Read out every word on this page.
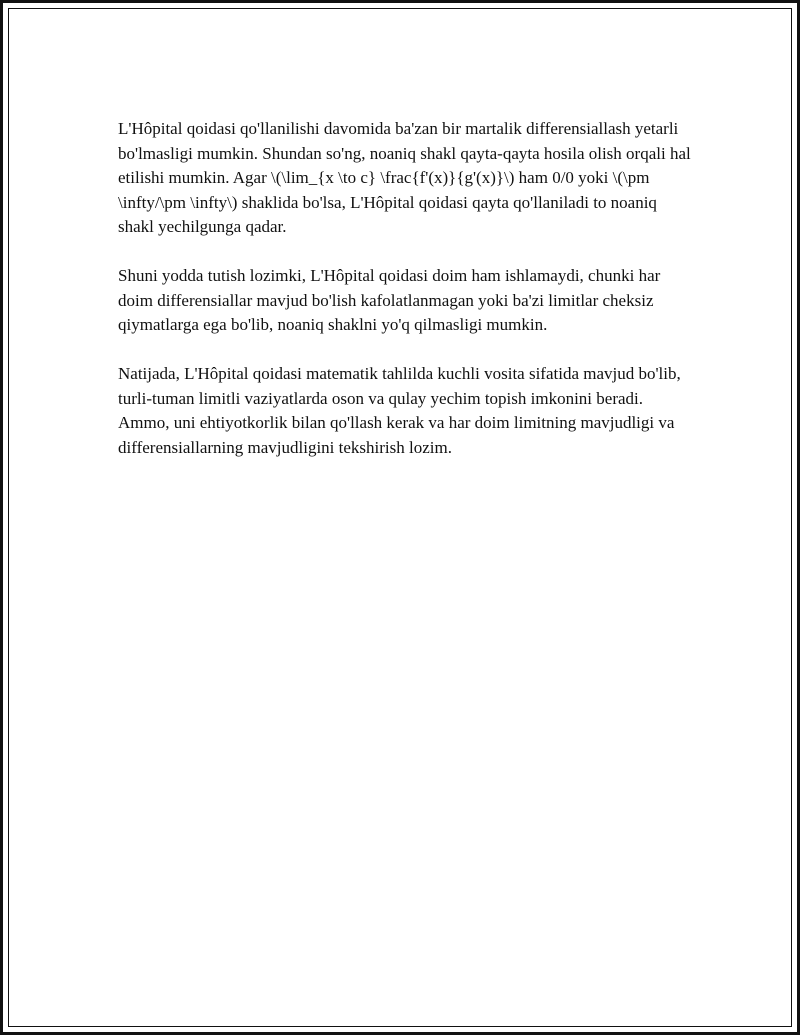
L'Hôpital qoidasi qo'llanilishi davomida ba'zan bir martalik differensiallash yetarli bo'lmasligi mumkin. Shundan so'ng, noaniq shakl qayta-qayta hosila olish orqali hal etilishi mumkin. Agar \(\lim_{x \to c} \frac{f'(x)}{g'(x)}\) ham 0/0 yoki \(\pm \infty/\pm \infty\) shaklida bo'lsa, L'Hôpital qoidasi qayta qo'llaniladi to noaniq shakl yechilgunga qadar.

Shuni yodda tutish lozimki, L'Hôpital qoidasi doim ham ishlamaydi, chunki har doim differensiallar mavjud bo'lish kafolatlanmagan yoki ba'zi limitlar cheksiz qiymatlarga ega bo'lib, noaniq shaklni yo'q qilmasligi mumkin.

Natijada, L'Hôpital qoidasi matematik tahlilda kuchli vosita sifatida mavjud bo'lib, turli-tuman limitli vaziyatlarda oson va qulay yechim topish imkonini beradi. Ammo, uni ehtiyotkorlik bilan qo'llash kerak va har doim limitning mavjudligi va differensiallarning mavjudligini tekshirish lozim.
